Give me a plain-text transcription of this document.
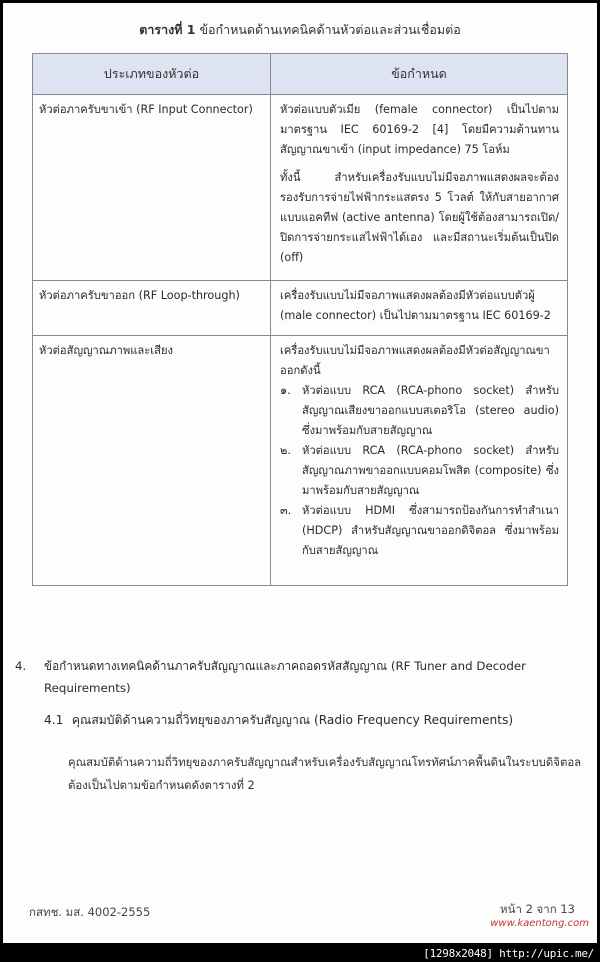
ตารางที่ 1 ข้อกำหนดด้านเทคนิคด้านหัวต่อและส่วนเชื่อมต่อ
ประเภทของหัวต่อ	ข้อกำหนด
หัวต่อภาครับขาเข้า (RF Input Connector)	หัวต่อแบบตัวเมีย (female connector) เป็นไปตามมาตรฐาน IEC 60169-2 [4] โดยมีความต้านทานสัญญาณขาเข้า (input impedance) 75 โอห์ม

ทั้งนี้ สำหรับเครื่องรับแบบไม่มีจอภาพแสดงผลจะต้องรองรับการจ่ายไฟฟ้ากระแสตรง 5 โวลต์ ให้กับสายอากาศแบบแอคทีฟ (active antenna) โดยผู้ใช้ต้องสามารถเปิด/ปิดการจ่ายกระแสไฟฟ้าได้เอง และมีสถานะเริ่มต้นเป็นปิด (off)

หัวต่อภาครับขาออก (RF Loop-through)	เครื่องรับแบบไม่มีจอภาพแสดงผลต้องมีหัวต่อแบบตัวผู้ (male connector) เป็นไปตามมาตรฐาน IEC 60169-2

หัวต่อสัญญาณภาพและเสียง	เครื่องรับแบบไม่มีจอภาพแสดงผลต้องมีหัวต่อสัญญาณขาออกดังนี้

๑. หัวต่อแบบ RCA (RCA-phono socket) สำหรับสัญญาณเสียงขาออกแบบสเตอริโอ (stereo audio) ซึ่งมาพร้อมกับสายสัญญาณ
๒. หัวต่อแบบ RCA (RCA-phono socket) สำหรับสัญญาณภาพขาออกแบบคอมโพสิต (composite) ซึ่งมาพร้อมกับสายสัญญาณ
๓. หัวต่อแบบ HDMI ซึ่งสามารถป้องกันการทำสำเนา (HDCP) สำหรับสัญญาณขาออกดิจิตอล ซึ่งมาพร้อมกับสายสัญญาณ
4.	ข้อกำหนดทางเทคนิคด้านภาครับสัญญาณและภาคถอดรหัสสัญญาณ (RF Tuner and Decoder Requirements)
4.1 คุณสมบัติด้านความถี่วิทยุของภาครับสัญญาณ (Radio Frequency Requirements)
คุณสมบัติด้านความถี่วิทยุของภาครับสัญญาณสำหรับเครื่องรับสัญญาณโทรทัศน์ภาคพื้นดินในระบบดิจิตอล ต้องเป็นไปตามข้อกำหนดดังตารางที่ 2
กสทช. มส. 4002-2555	หน้า 2 จาก 13
www.kaentong.com
[1298x2048] http://upic.me/
